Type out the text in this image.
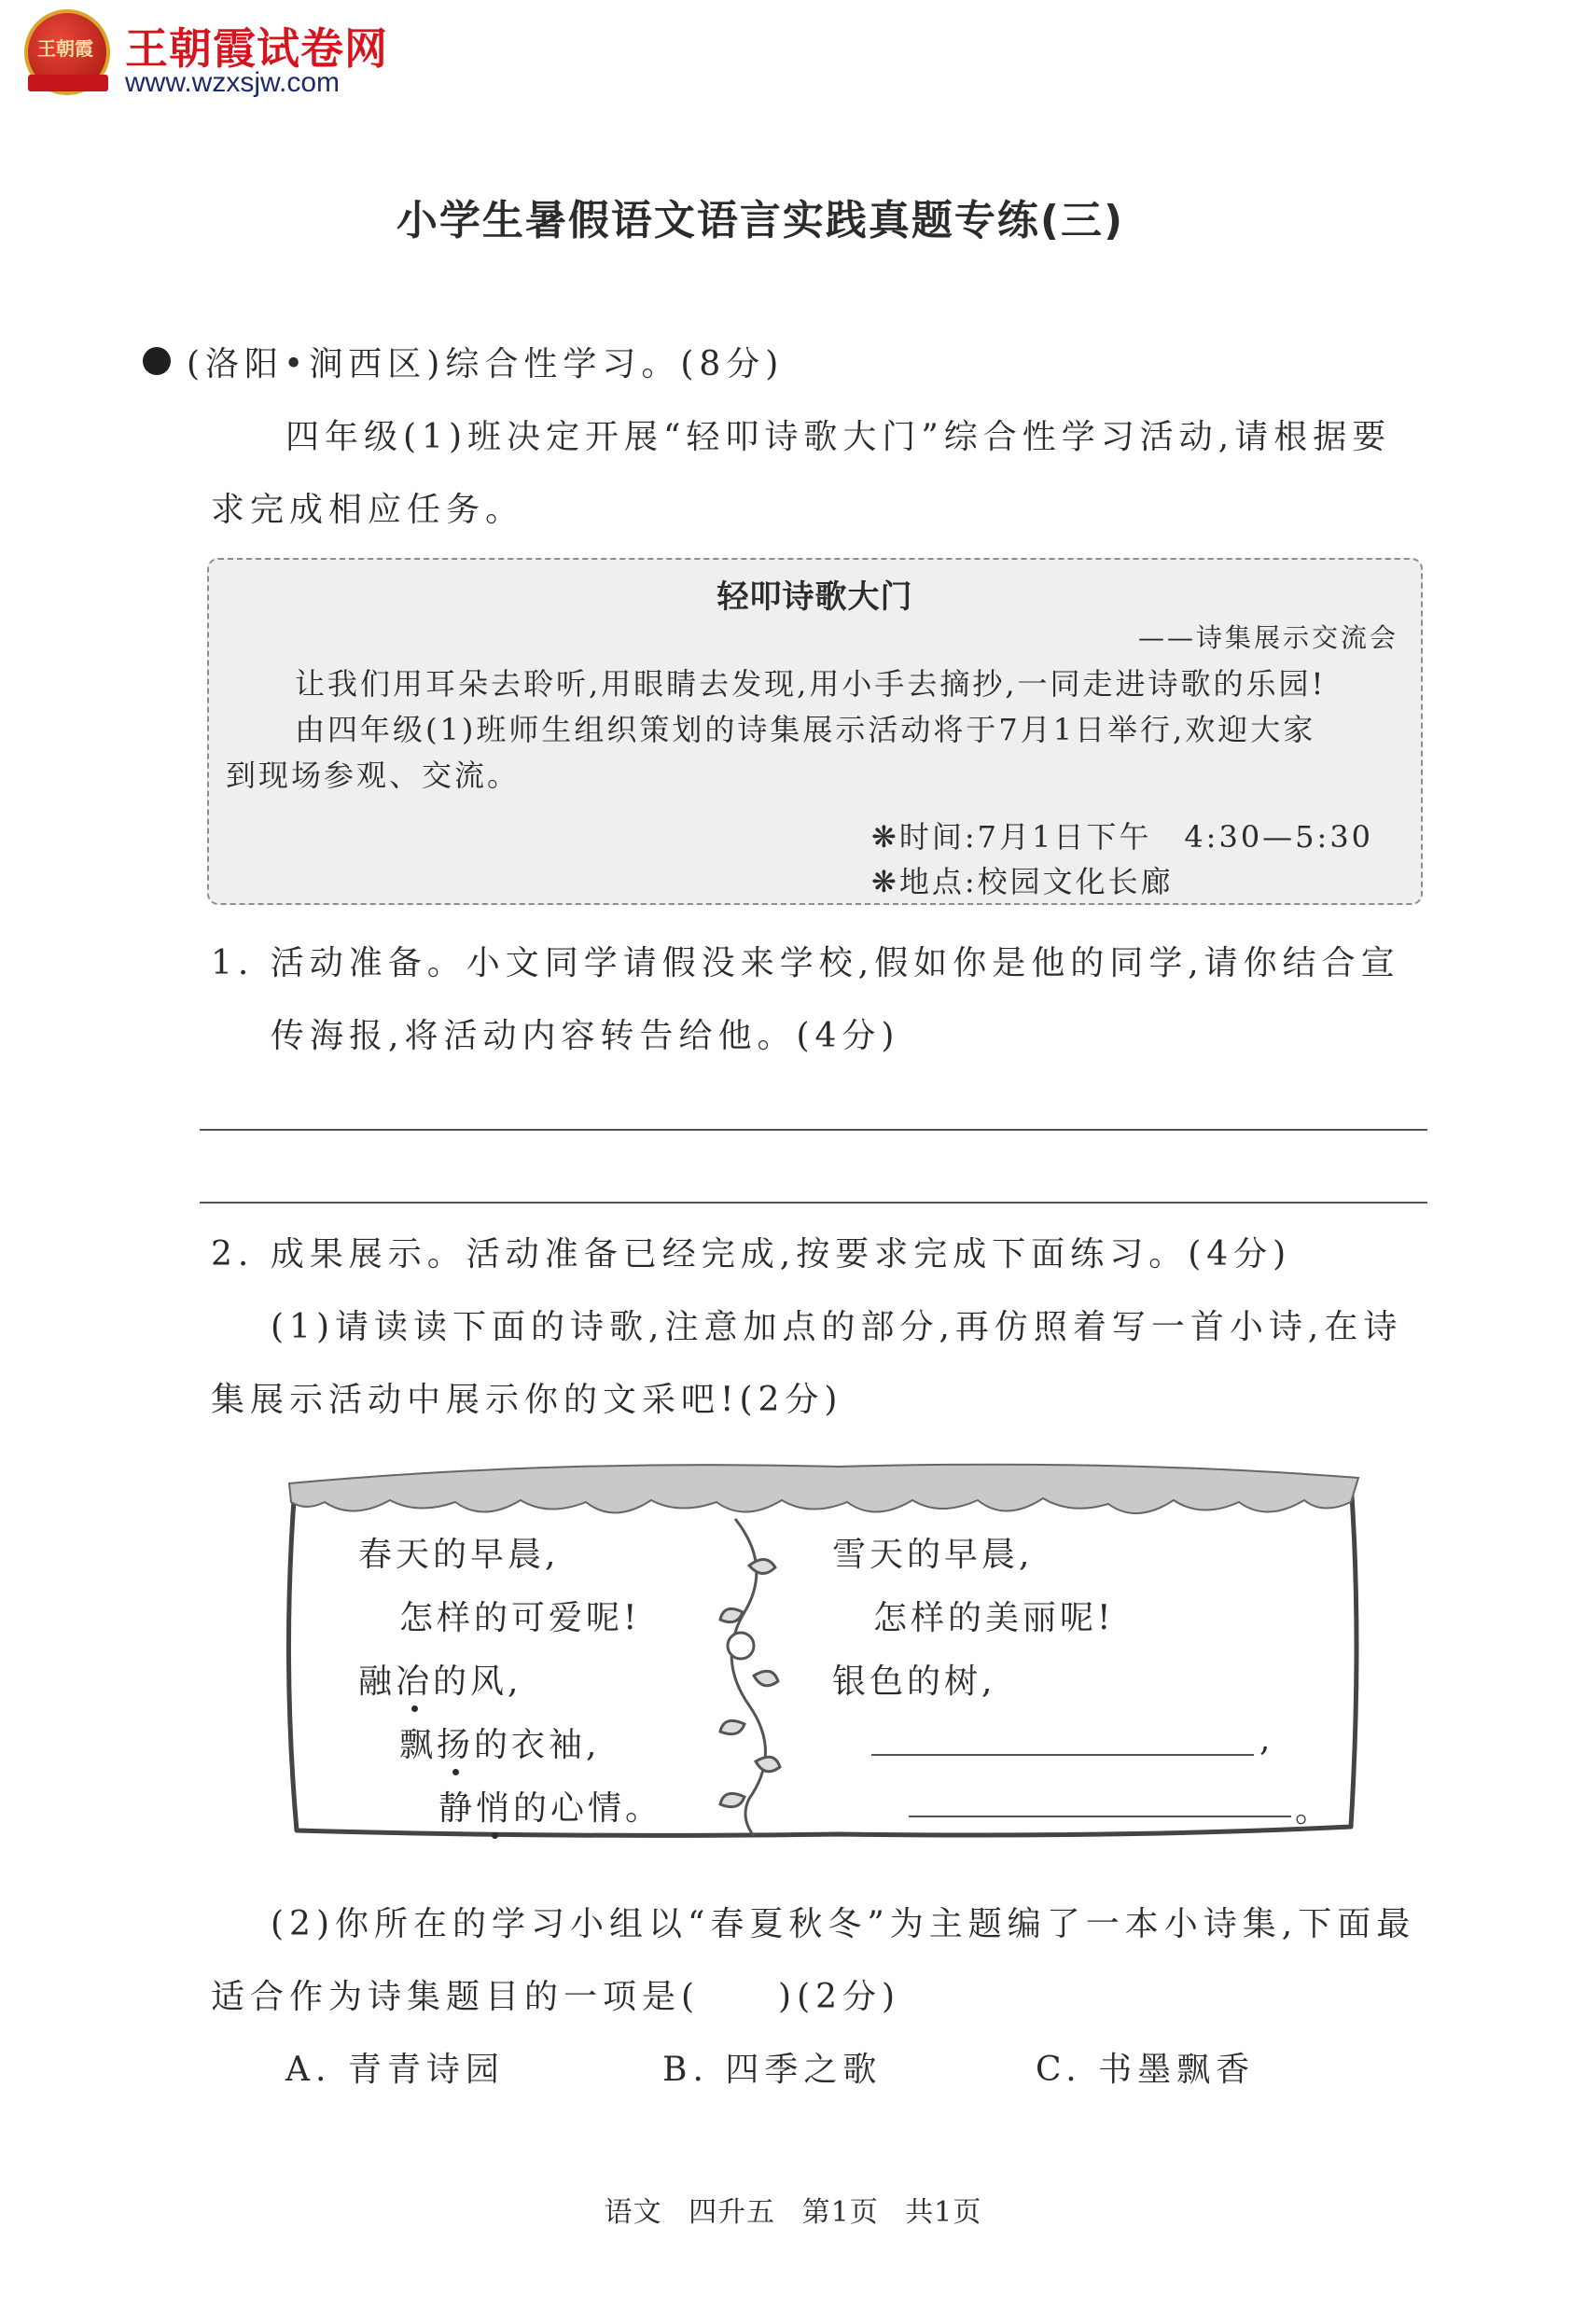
王朝霞 王朝霞试卷网
www.wzxsjw.com
小学生暑假语文语言实践真题专练(三)
(洛阳•涧西区)综合性学习。(8分)
四年级(1)班决定开展“轻叩诗歌大门”综合性学习活动,请根据要
求完成相应任务。
轻叩诗歌大门
——诗集展示交流会
让我们用耳朵去聆听,用眼睛去发现,用小手去摘抄,一同走进诗歌的乐园!
由四年级(1)班师生组织策划的诗集展示活动将于7月1日举行,欢迎大家
到现场参观、交流。
❋时间:7月1日下午　4:30—5:30
❋地点:校园文化长廊
1. 活动准备。小文同学请假没来学校,假如你是他的同学,请你结合宣
传海报,将活动内容转告给他。(4分)
2. 成果展示。活动准备已经完成,按要求完成下面练习。(4分)
(1)请读读下面的诗歌,注意加点的部分,再仿照着写一首小诗,在诗
集展示活动中展示你的文采吧!(2分)
春天的早晨,
怎样的可爱呢!
融冶的风,
飘扬的衣袖,
静悄的心情。
雪天的早晨,
怎样的美丽呢!
银色的树,
,
。
(2)你所在的学习小组以“春夏秋冬”为主题编了一本小诗集,下面最
适合作为诗集题目的一项是(　　)(2分)
A. 青青诗园	B. 四季之歌	C. 书墨飘香
语文 四升五 第1页 共1页
